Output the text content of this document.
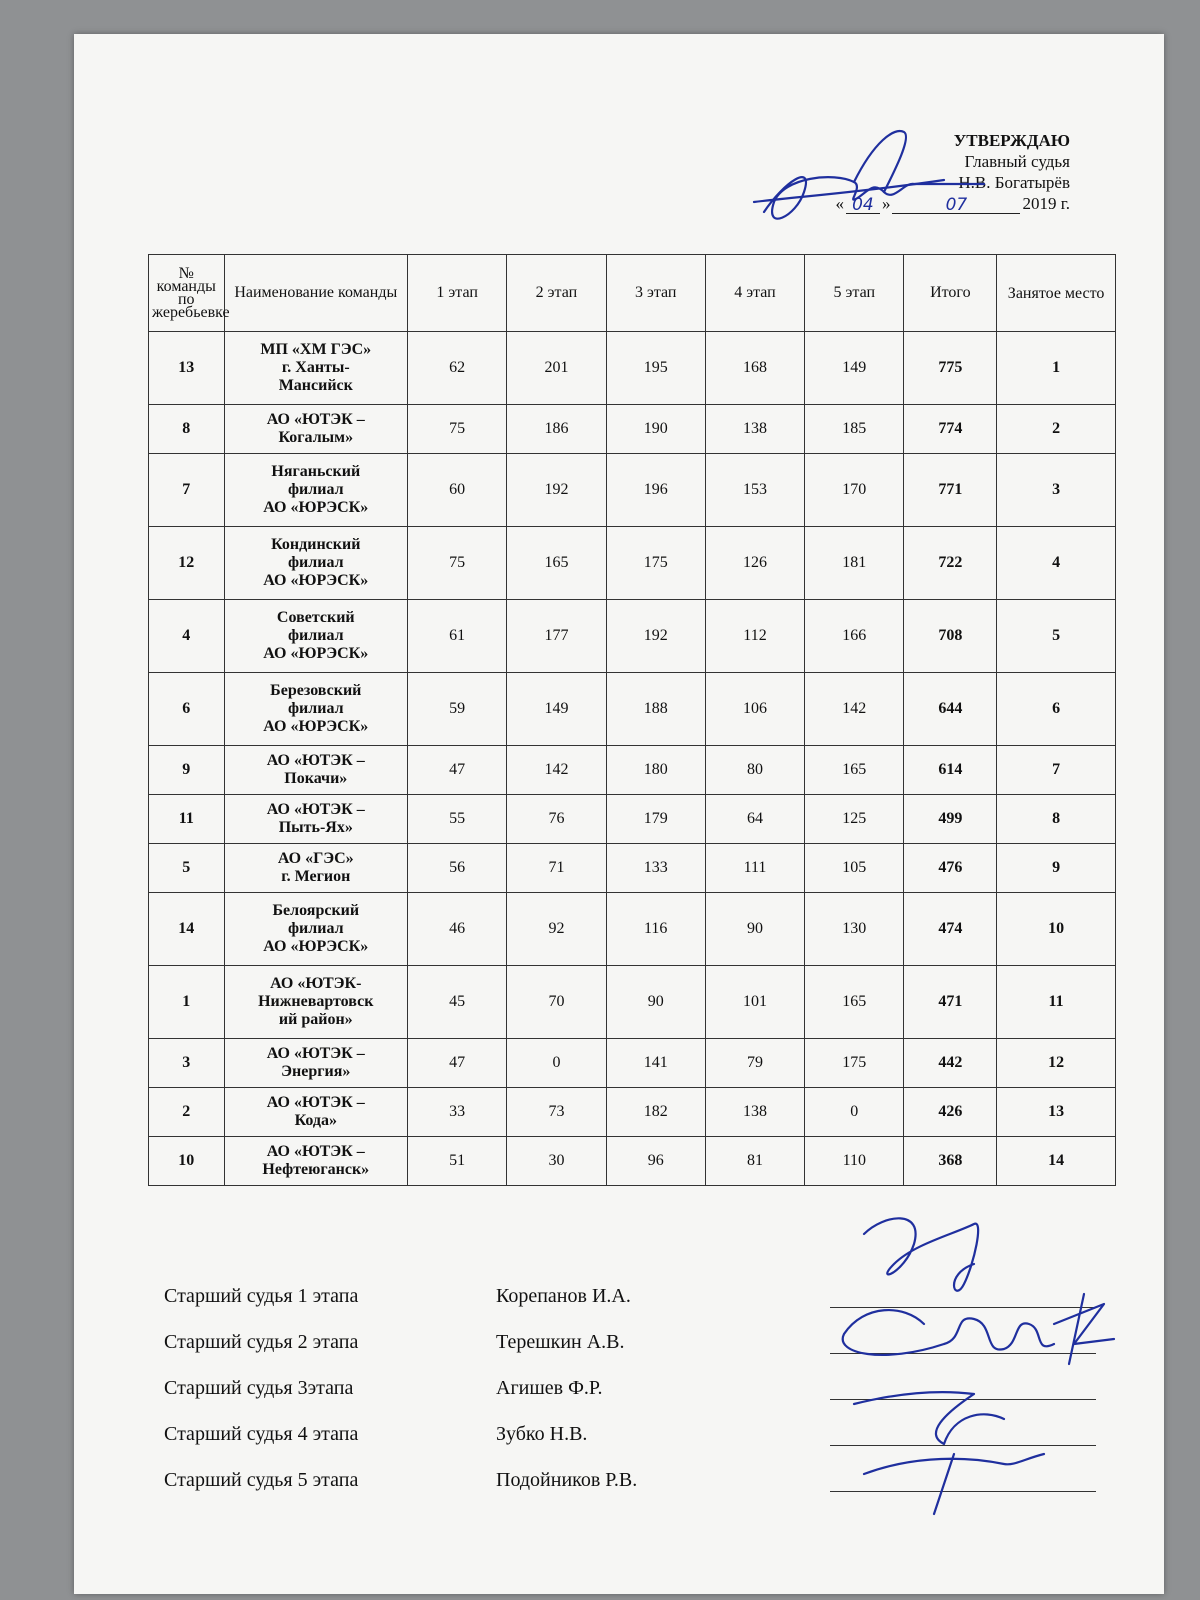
УТВЕРЖДАЮ
Главный судья
Н.В. Богатырёв
« 04 »	07	2019 г.
№ команды по жеребьевке	Наименование команды	1 этап	2 этап	3 этап	4 этап	5 этап	Итого	Занятое место
13	МП «ХМ ГЭС»
г. Ханты-
Мансийск	62	201	195	168	149	775	1
8	АО «ЮТЭК –
Когалым»	75	186	190	138	185	774	2
7	Няганьский
филиал
АО «ЮРЭСК»	60	192	196	153	170	771	3
12	Кондинский
филиал
АО «ЮРЭСК»	75	165	175	126	181	722	4
4	Советский
филиал
АО «ЮРЭСК»	61	177	192	112	166	708	5
6	Березовский
филиал
АО «ЮРЭСК»	59	149	188	106	142	644	6
9	АО «ЮТЭК –
Покачи»	47	142	180	80	165	614	7
11	АО «ЮТЭК –
Пыть-Ях»	55	76	179	64	125	499	8
5	АО «ГЭС»
г. Мегион	56	71	133	111	105	476	9
14	Белоярский
филиал
АО «ЮРЭСК»	46	92	116	90	130	474	10
1	АО «ЮТЭК-
Нижневартовск
ий район»	45	70	90	101	165	471	11
3	АО «ЮТЭК –
Энергия»	47	0	141	79	175	442	12
2	АО «ЮТЭК –
Кода»	33	73	182	138	0	426	13
10	АО «ЮТЭК –
Нефтеюганск»	51	30	96	81	110	368	14
Старший судья 1 этапа	Корепанов И.А.
Старший судья 2 этапа	Терешкин А.В.
Старший судья 3этапа	Агишев Ф.Р.
Старший судья 4 этапа	Зубко Н.В.
Старший судья 5 этапа	Подойников Р.В.
